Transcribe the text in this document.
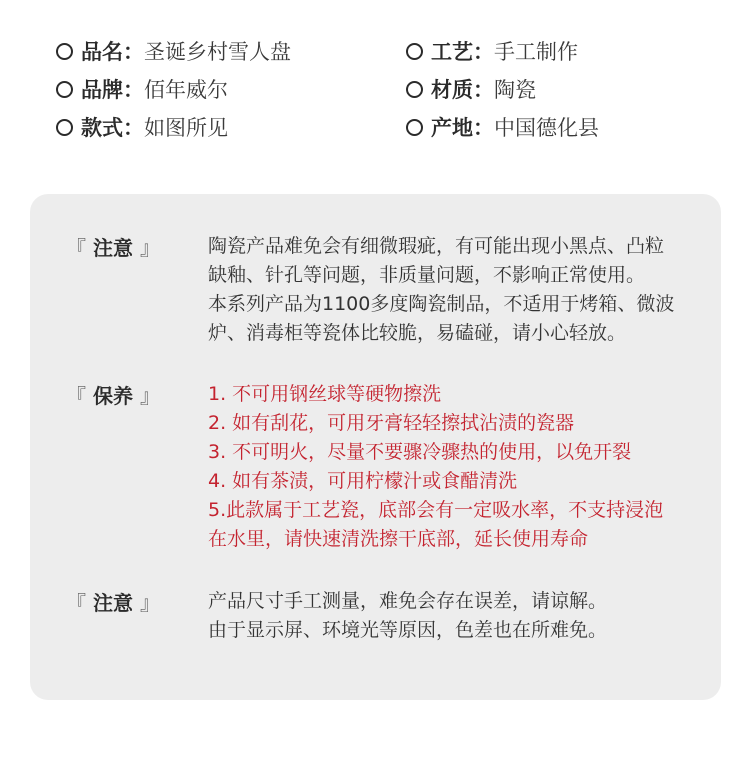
品名： 圣诞乡村雪人盘	工艺： 手工制作
品牌： 佰年威尔	材质： 陶瓷
款式： 如图所见	产地： 中国德化县
『 注意 』	陶瓷产品难免会有细微瑕疵，有可能出现小黑点、凸粒
缺釉、针孔等问题，非质量问题，不影响正常使用。
本系列产品为1100多度陶瓷制品，不适用于烤箱、微波
炉、消毒柜等瓷体比较脆，易磕碰，请小心轻放。
『 保养 』	1. 不可用钢丝球等硬物擦洗
2. 如有刮花，可用牙膏轻轻擦拭沾渍的瓷器
3. 不可明火，尽量不要骤冷骤热的使用，以免开裂
4. 如有茶渍，可用柠檬汁或食醋清洗
5.此款属于工艺瓷，底部会有一定吸水率，不支持浸泡
在水里，请快速清洗擦干底部，延长使用寿命
『 注意 』	产品尺寸手工测量，难免会存在误差，请谅解。
由于显示屏、环境光等原因，色差也在所难免。
